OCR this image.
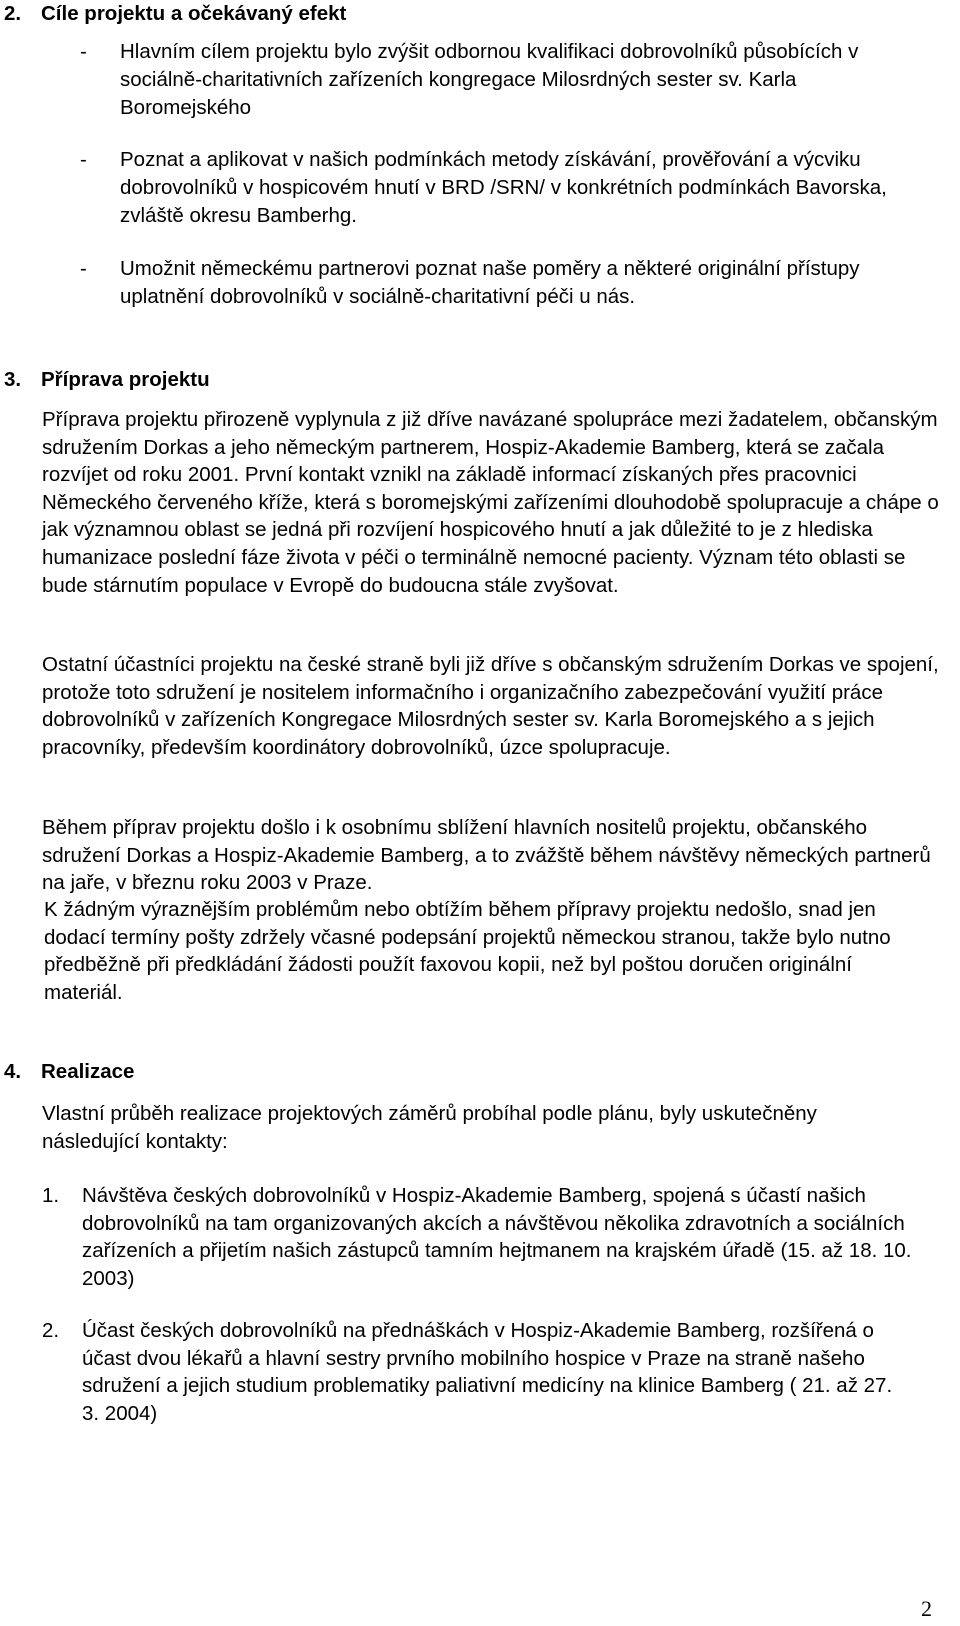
2. Cíle projektu a očekávaný efekt

- Hlavním cílem projektu bylo zvýšit odbornou kvalifikaci dobrovolníků působících v sociálně-charitativních zařízeních kongregace Milosrdných sester sv. Karla Boromejského

- Poznat a aplikovat v našich podmínkách metody získávání, prověřování a výcviku dobrovolníků v hospicovém hnutí v BRD /SRN/ v konkrétních podmínkách Bavorska, zvláště okresu Bamberhg.

- Umožnit německému partnerovi poznat naše poměry a některé originální přístupy uplatnění dobrovolníků v sociálně-charitativní péči u nás.

3. Příprava projektu

Příprava projektu přirozeně vyplynula z již dříve navázané spolupráce mezi žadatelem, občanským sdružením Dorkas a jeho německým partnerem, Hospiz-Akademie Bamberg, která se začala rozvíjet od roku 2001. První kontakt vznikl na základě informací získaných přes pracovnici Německého červeného kříže, která s boromejskými zařízeními dlouhodobě spolupracuje a chápe o jak významnou oblast se jedná při rozvíjení hospicového hnutí a jak důležité to je z hlediska humanizace poslední fáze života v péči o terminálně nemocné pacienty. Význam této oblasti se bude stárnutím populace v Evropě do budoucna stále zvyšovat.

Ostatní účastníci projektu na české straně byli již dříve s občanským sdružením Dorkas ve spojení, protože toto sdružení je nositelem informačního i organizačního zabezpečování využití práce dobrovolníků v zařízeních Kongregace Milosrdných sester sv. Karla Boromejského a s jejich pracovníky, především koordinátory dobrovolníků, úzce spolupracuje.

Během příprav projektu došlo i k osobnímu sblížení hlavních nositelů projektu, občanského sdružení Dorkas a Hospiz-Akademie Bamberg, a to zvážště během návštěvy německých partnerů na jaře, v březnu roku 2003 v Praze.

K žádným výraznějším problémům nebo obtížím během přípravy projektu nedošlo, snad jen dodací termíny pošty zdržely včasné podepsání projektů německou stranou, takže bylo nutno předběžně při předkládání žádosti použít faxovou kopii, než byl poštou doručen originální materiál.

4. Realizace

Vlastní průběh realizace projektových záměrů probíhal podle plánu, byly uskutečněny následující kontakty:

1. Návštěva českých dobrovolníků v Hospiz-Akademie Bamberg, spojená s účastí našich dobrovolníků na tam organizovaných akcích a návštěvou několika zdravotních a sociálních zařízeních a přijetím našich zástupců tamním hejtmanem na krajském úřadě (15. až 18. 10. 2003)

2. Účast českých dobrovolníků na přednáškách v Hospiz-Akademie Bamberg, rozšířená o účast dvou lékařů a hlavní sestry prvního mobilního hospice v Praze na straně našeho sdružení a jejich studium problematiky paliativní medicíny na klinice Bamberg ( 21. až 27. 3. 2004)

2
